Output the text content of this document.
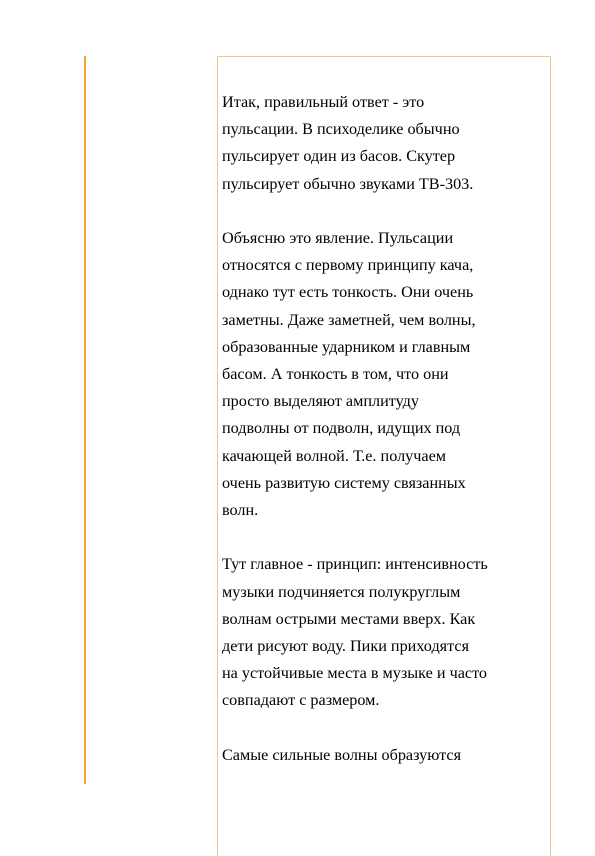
Итак, правильный ответ - это
пульсации. В психоделике обычно
пульсирует один из басов. Скутер
пульсирует обычно звуками ТВ-303.

Объясню это явление. Пульсации
относятся с первому принципу кача,
однако тут есть тонкость. Они очень
заметны. Даже заметней, чем волны,
образованные ударником и главным
басом. А тонкость в том, что они
просто выделяют амплитуду
подволны от подволн, идущих под
качающей волной. Т.е. получаем
очень развитую систему связанных
волн.

Тут главное - принцип: интенсивность
музыки подчиняется полукруглым
волнам острыми местами вверх. Как
дети рисуют воду. Пики приходятся
на устойчивые места в музыке и часто
совпадают с размером.

Самые сильные волны образуются
